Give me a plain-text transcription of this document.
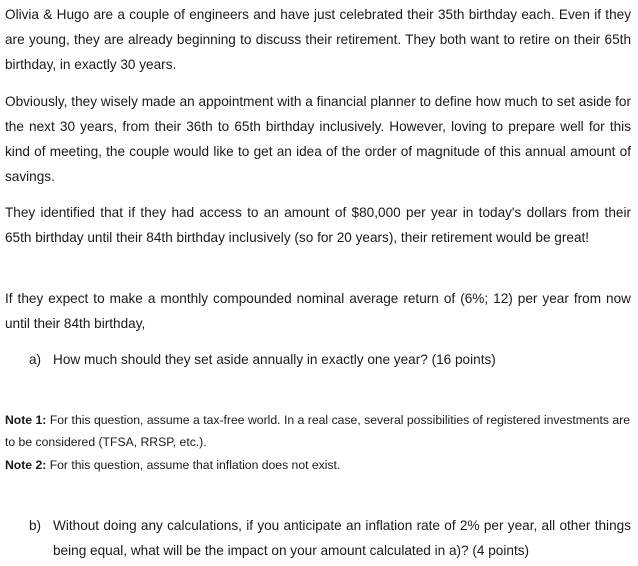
Olivia & Hugo are a couple of engineers and have just celebrated their 35th birthday each. Even if they are young, they are already beginning to discuss their retirement. They both want to retire on their 65th birthday, in exactly 30 years.

Obviously, they wisely made an appointment with a financial planner to define how much to set aside for the next 30 years, from their 36th to 65th birthday inclusively. However, loving to prepare well for this kind of meeting, the couple would like to get an idea of the order of magnitude of this annual amount of savings.

They identified that if they had access to an amount of $80,000 per year in today's dollars from their 65th birthday until their 84th birthday inclusively (so for 20 years), their retirement would be great!

If they expect to make a monthly compounded nominal average return of (6%; 12) per year from now until their 84th birthday,

a) How much should they set aside annually in exactly one year? (16 points)

Note 1: For this question, assume a tax-free world. In a real case, several possibilities of registered investments are to be considered (TFSA, RRSP, etc.).

Note 2: For this question, assume that inflation does not exist.

b) Without doing any calculations, if you anticipate an inflation rate of 2% per year, all other things being equal, what will be the impact on your amount calculated in a)? (4 points)
